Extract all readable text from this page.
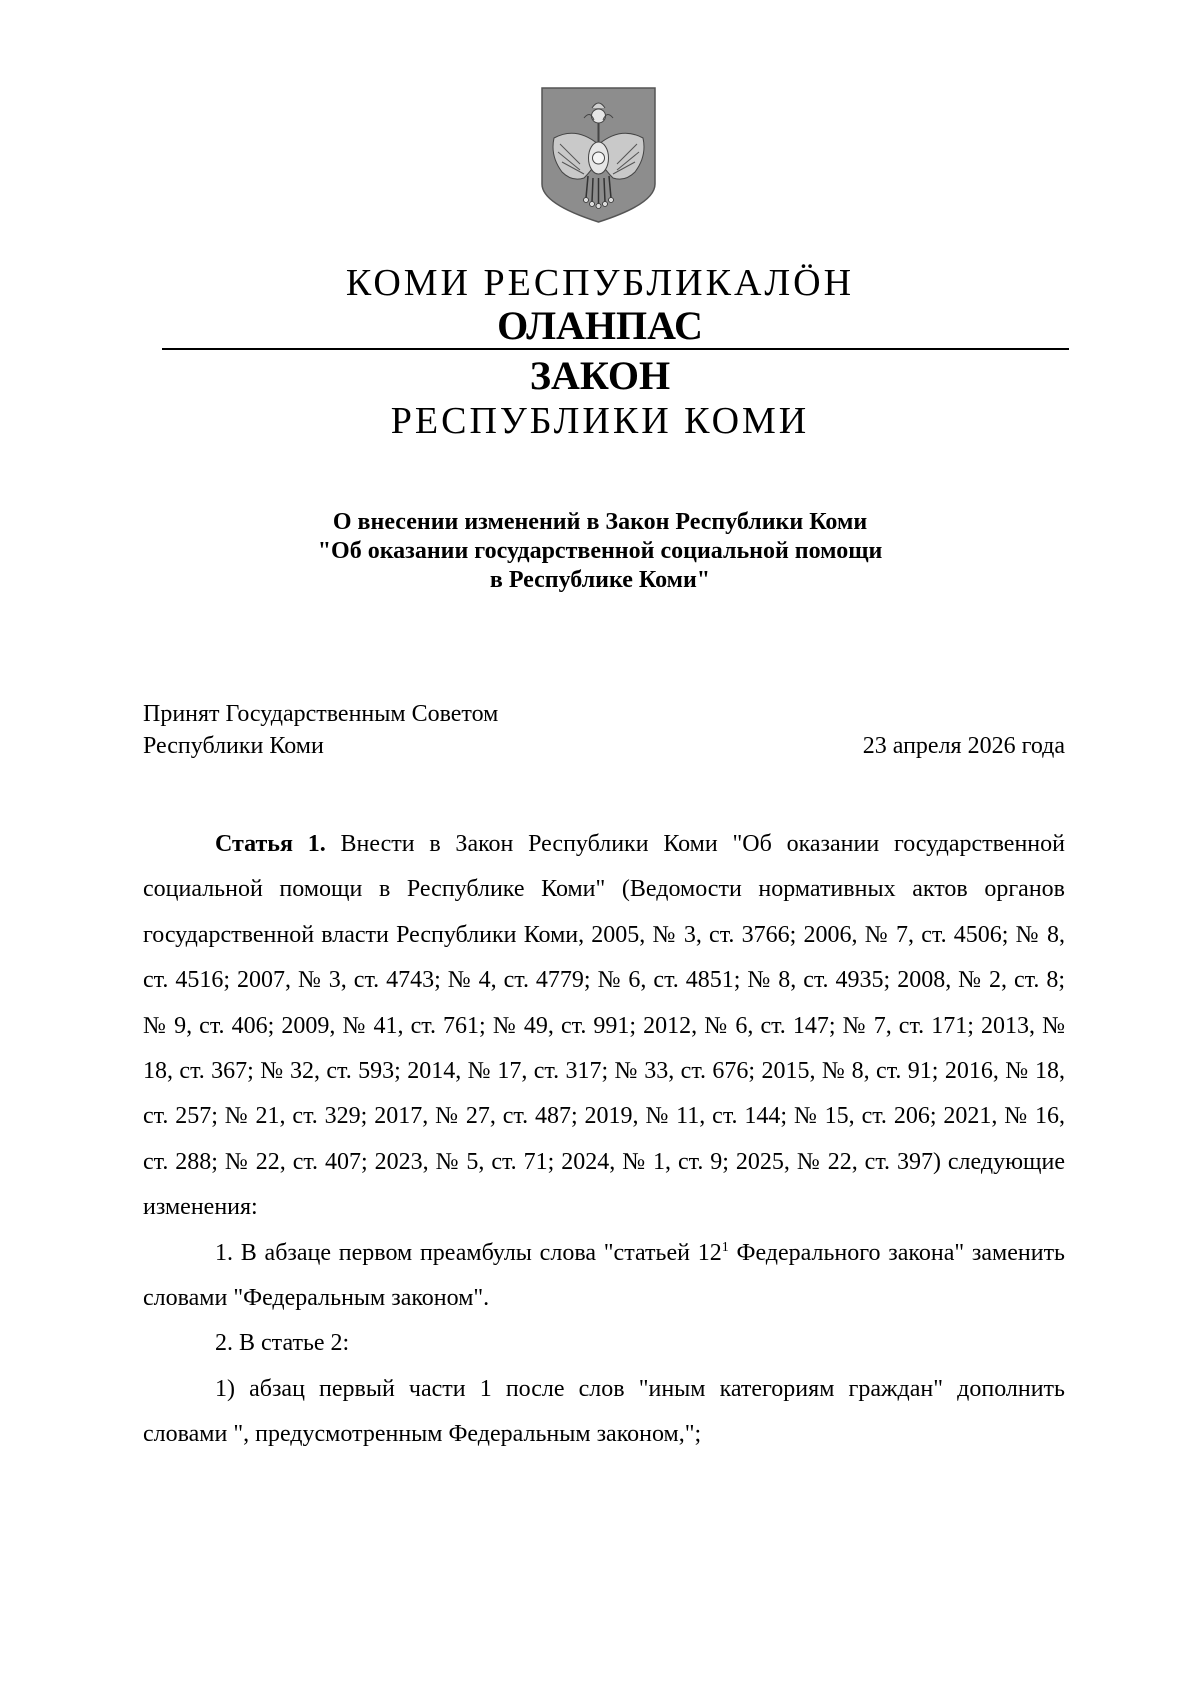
КОМИ РЕСПУБЛИКАЛӦН
ОЛАНПАС
ЗАКОН
РЕСПУБЛИКИ КОМИ
О внесении изменений в Закон Республики Коми
"Об оказании государственной социальной помощи
в Республике Коми"
Принят Государственным Советом
Республики Коми	23 апреля 2026 года

Статья 1. Внести в Закон Республики Коми "Об оказании государственной социальной помощи в Республике Коми" (Ведомости нормативных актов органов государственной власти Республики Коми, 2005, № 3, ст. 3766; 2006, № 7, ст. 4506; № 8, ст. 4516; 2007, № 3, ст. 4743; № 4, ст. 4779; № 6, ст. 4851; № 8, ст. 4935; 2008, № 2, ст. 8; № 9, ст. 406; 2009, № 41, ст. 761; № 49, ст. 991; 2012, № 6, ст. 147; № 7, ст. 171; 2013, № 18, ст. 367; № 32, ст. 593; 2014, № 17, ст. 317; № 33, ст. 676; 2015, № 8, ст. 91; 2016, № 18, ст. 257; № 21, ст. 329; 2017, № 27, ст. 487; 2019, № 11, ст. 144; № 15, ст. 206; 2021, № 16, ст. 288; № 22, ст. 407; 2023, № 5, ст. 71; 2024, № 1, ст. 9; 2025, № 22, ст. 397) следующие изменения:

1. В абзаце первом преамбулы слова "статьей $12^1$ Федерального закона" заменить словами "Федеральным законом".

2. В статье 2:

1) абзац первый части 1 после слов "иным категориям граждан" дополнить словами ", предусмотренным Федеральным законом,";
